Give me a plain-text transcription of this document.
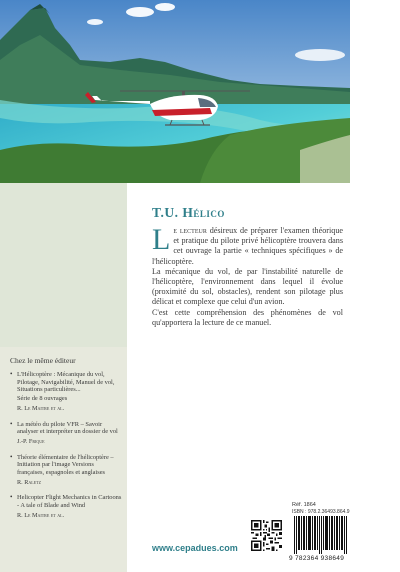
T.U. Hélico

Le lecteur désireux de préparer l'examen théorique et pratique du pilote privé hélicoptère trouvera dans cet ouvrage la partie « techniques spécifiques » de l'hélicoptère.

La mécanique du vol, de par l'instabilité naturelle de l'hélicoptère, l'environnement dans lequel il évolue (proximité du sol, obstacles), rendent son pilotage plus délicat et complexe que celui d'un avion.

C'est cette compréhension des phénomènes de vol qu'apportera la lecture de ce manuel.

Chez le même éditeur
• L'Hélicoptère : Mécanique du vol, Pilotage, Navigabilité, Manuel de vol, Situations particulières...
Série de 8 ouvrages
R. Le Maitre et al.
• La météo du pilote VFR – Savoir analyser et interpréter un dossier de vol
J.-P. Frique
• Théorie élémentaire de l'hélicoptère – Initiation par l'image Versions françaises, espagnoles et anglaises
R. Raletz
• Helicopter Flight Mechanics in Cartoons - A tale of Blade and Wind
R. Le Maitre et al.
www.cepadues.com
Réf. 1864
ISBN : 978.2.36493.864.9
9 782364 938649
